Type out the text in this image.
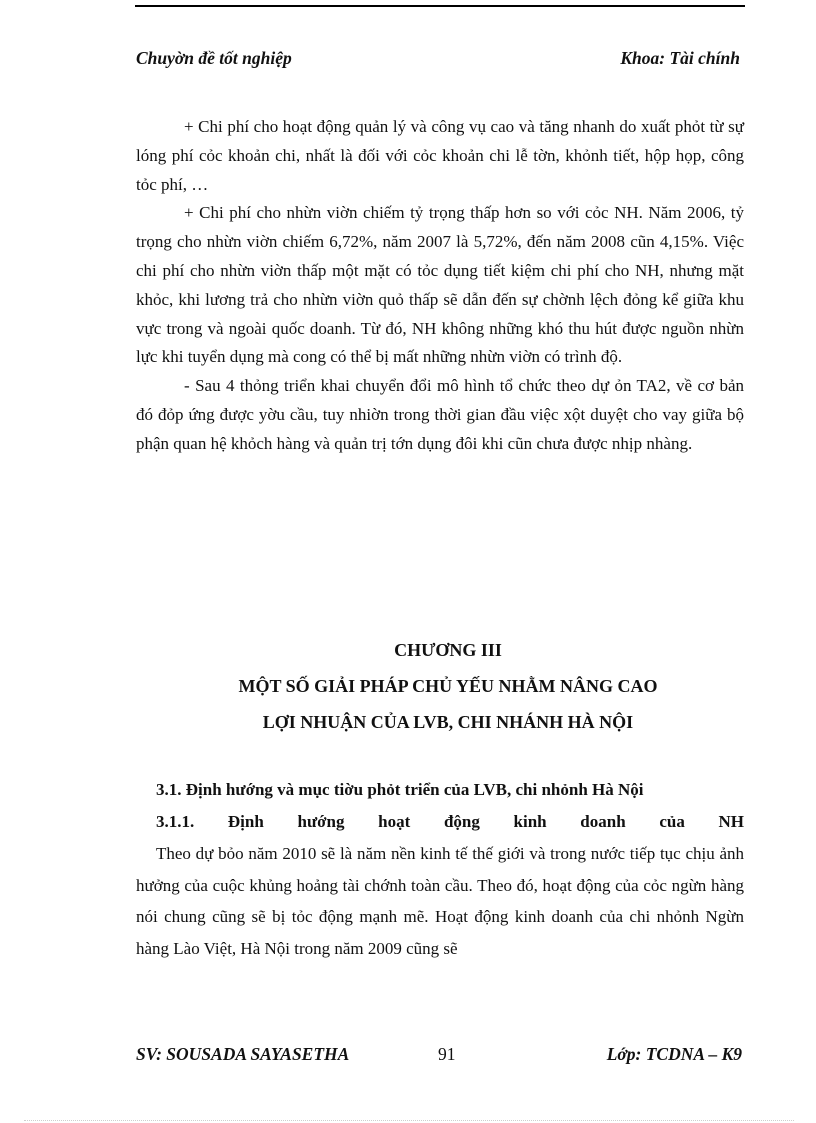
Chuyờn đề tốt nghiệp	Khoa: Tài chính

+ Chi phí cho hoạt động quản lý và công vụ cao và tăng nhanh do xuất phỏt từ sự lóng phí cỏc khoản chi, nhất là đối với cỏc khoản chi lễ tờn, khỏnh tiết, hộp họp, công tỏc phí, …

+ Chi phí cho nhừn viờn chiếm tỷ trọng thấp hơn so với cỏc NH. Năm 2006, tỷ trọng cho nhừn viờn chiếm 6,72%, năm 2007 là 5,72%, đến năm 2008 cũn 4,15%. Việc chi phí cho nhừn viờn thấp một mặt có tỏc dụng tiết kiệm chi phí cho NH, nhưng mặt khỏc, khi lương trả cho nhừn viờn quỏ thấp sẽ dẫn đến sự chờnh lệch đỏng kể giữa khu vực trong và ngoài quốc doanh. Từ đó, NH không những khó thu hút được nguồn nhừn lực khi tuyển dụng mà cong có thể bị mất những nhừn viờn có trình độ.

- Sau 4 thỏng triển khai chuyển đổi mô hình tổ chức theo dự ỏn TA2, về cơ bản đó đỏp ứng được yờu cầu, tuy nhiờn trong thời gian đầu việc xột duyệt cho vay giữa bộ phận quan hệ khỏch hàng và quản trị tớn dụng đôi khi cũn chưa được nhịp nhàng.

CHƯƠNG III
MỘT SỐ GIẢI PHÁP CHỦ YẾU NHẰM NÂNG CAO
LỢI NHUẬN CỦA LVB, CHI NHÁNH HÀ NỘI
3.1. Định hướng và mục tiờu phỏt triển của LVB, chi nhỏnh Hà Nội
3.1.1. Định hướng hoạt động kinh doanh của NH

Theo dự bỏo năm 2010 sẽ là năm nền kinh tế thế giới và trong nước tiếp tục chịu ảnh hưởng của cuộc khủng hoảng tài chớnh toàn cầu. Theo đó, hoạt động của cỏc ngừn hàng nói chung cũng sẽ bị tỏc động mạnh mẽ. Hoạt động kinh doanh của chi nhỏnh Ngừn hàng Lào Việt, Hà Nội trong năm 2009 cũng sẽ

SV: SOUSADA SAYASETHA	91	Lớp: TCDNA – K9
